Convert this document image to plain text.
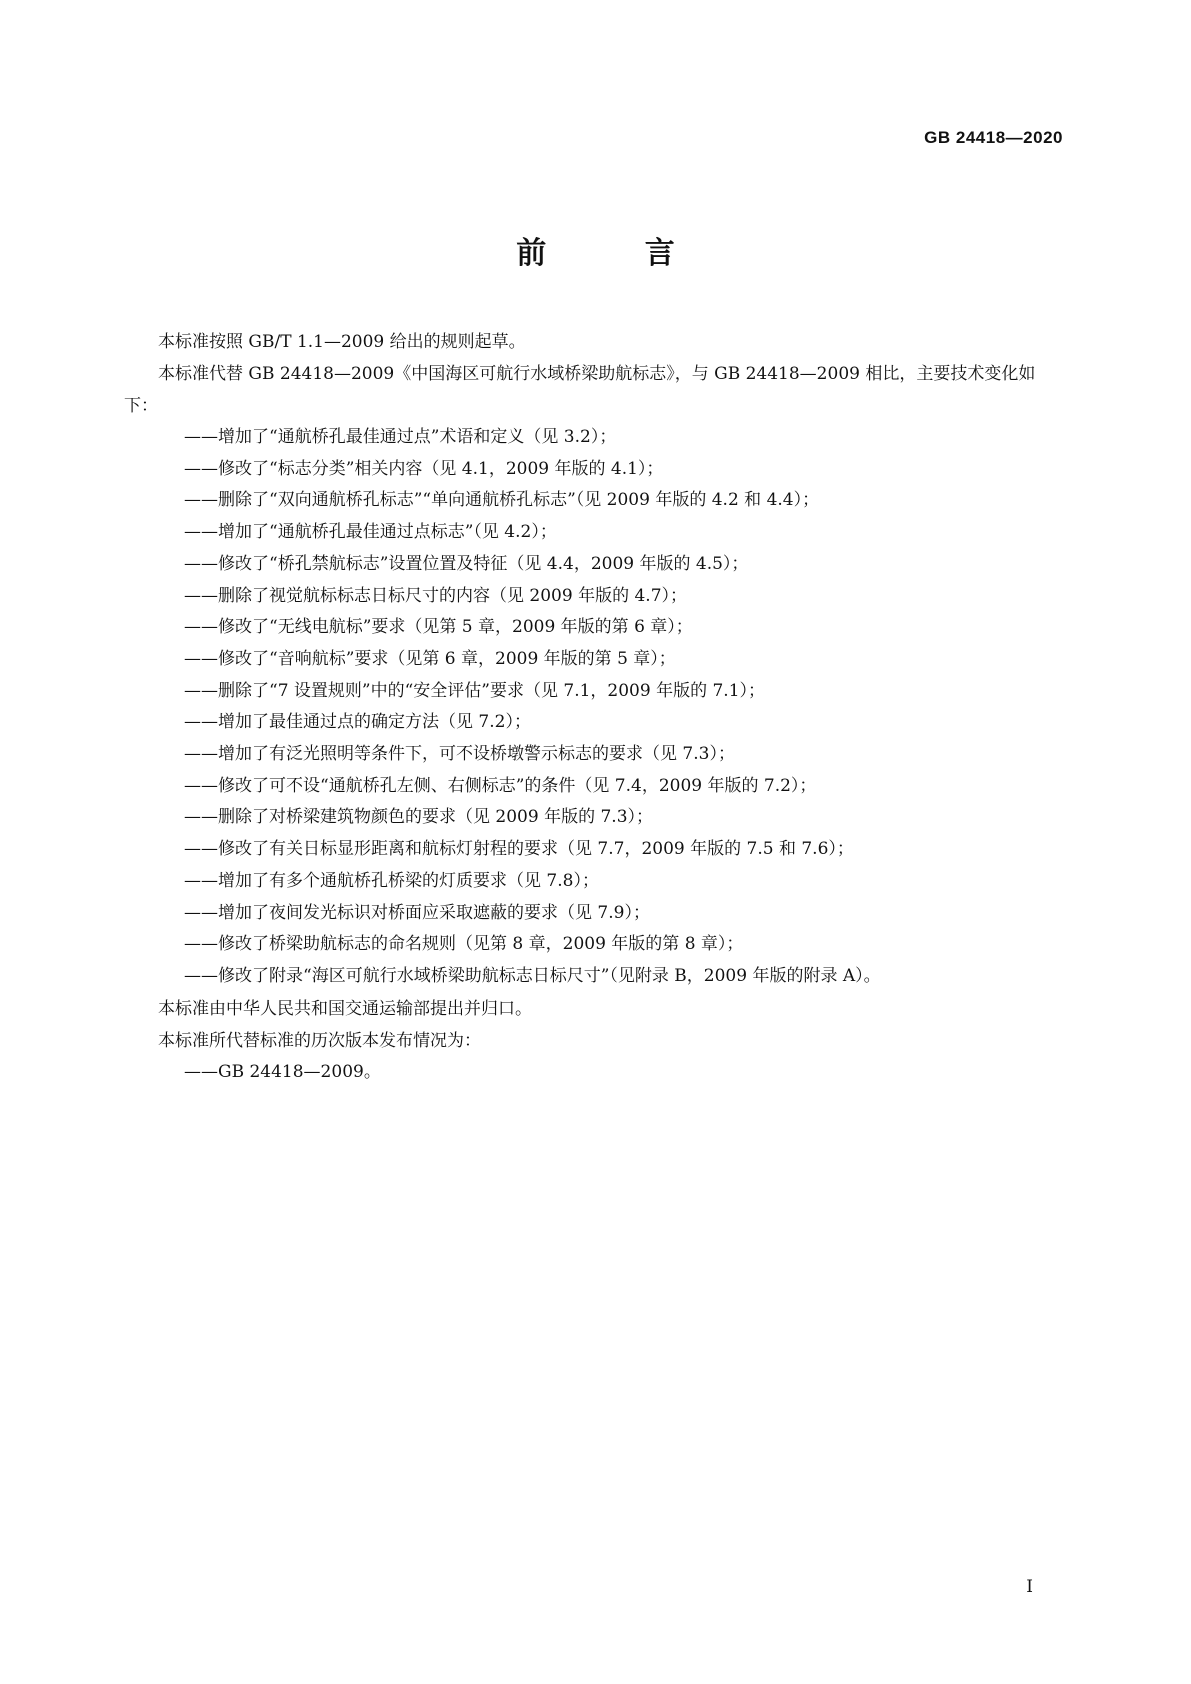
GB 24418—2020
前 言

本标准按照 GB/T 1.1—2009 给出的规则起草。

本标准代替 GB 24418—2009《中国海区可航行水域桥梁助航标志》，与 GB 24418—2009 相比，主要技术变化如下：

——增加了“通航桥孔最佳通过点”术语和定义（见 3.2）；
——修改了“标志分类”相关内容（见 4.1，2009 年版的 4.1）；
——删除了“双向通航桥孔标志”“单向通航桥孔标志”（见 2009 年版的 4.2 和 4.4）；
——增加了“通航桥孔最佳通过点标志”（见 4.2）；
——修改了“桥孔禁航标志”设置位置及特征（见 4.4，2009 年版的 4.5）；
——删除了视觉航标标志日标尺寸的内容（见 2009 年版的 4.7）；
——修改了“无线电航标”要求（见第 5 章，2009 年版的第 6 章）；
——修改了“音响航标”要求（见第 6 章，2009 年版的第 5 章）；
——删除了“7 设置规则”中的“安全评估”要求（见 7.1，2009 年版的 7.1）；
——增加了最佳通过点的确定方法（见 7.2）；
——增加了有泛光照明等条件下，可不设桥墩警示标志的要求（见 7.3）；
——修改了可不设“通航桥孔左侧、右侧标志”的条件（见 7.4，2009 年版的 7.2）；
——删除了对桥梁建筑物颜色的要求（见 2009 年版的 7.3）；
——修改了有关日标显形距离和航标灯射程的要求（见 7.7，2009 年版的 7.5 和 7.6）；
——增加了有多个通航桥孔桥梁的灯质要求（见 7.8）；
——增加了夜间发光标识对桥面应采取遮蔽的要求（见 7.9）；
——修改了桥梁助航标志的命名规则（见第 8 章，2009 年版的第 8 章）；
——修改了附录“海区可航行水域桥梁助航标志日标尺寸”（见附录 B，2009 年版的附录 A）。

本标准由中华人民共和国交通运输部提出并归口。

本标准所代替标准的历次版本发布情况为：

——GB 24418—2009。
I
